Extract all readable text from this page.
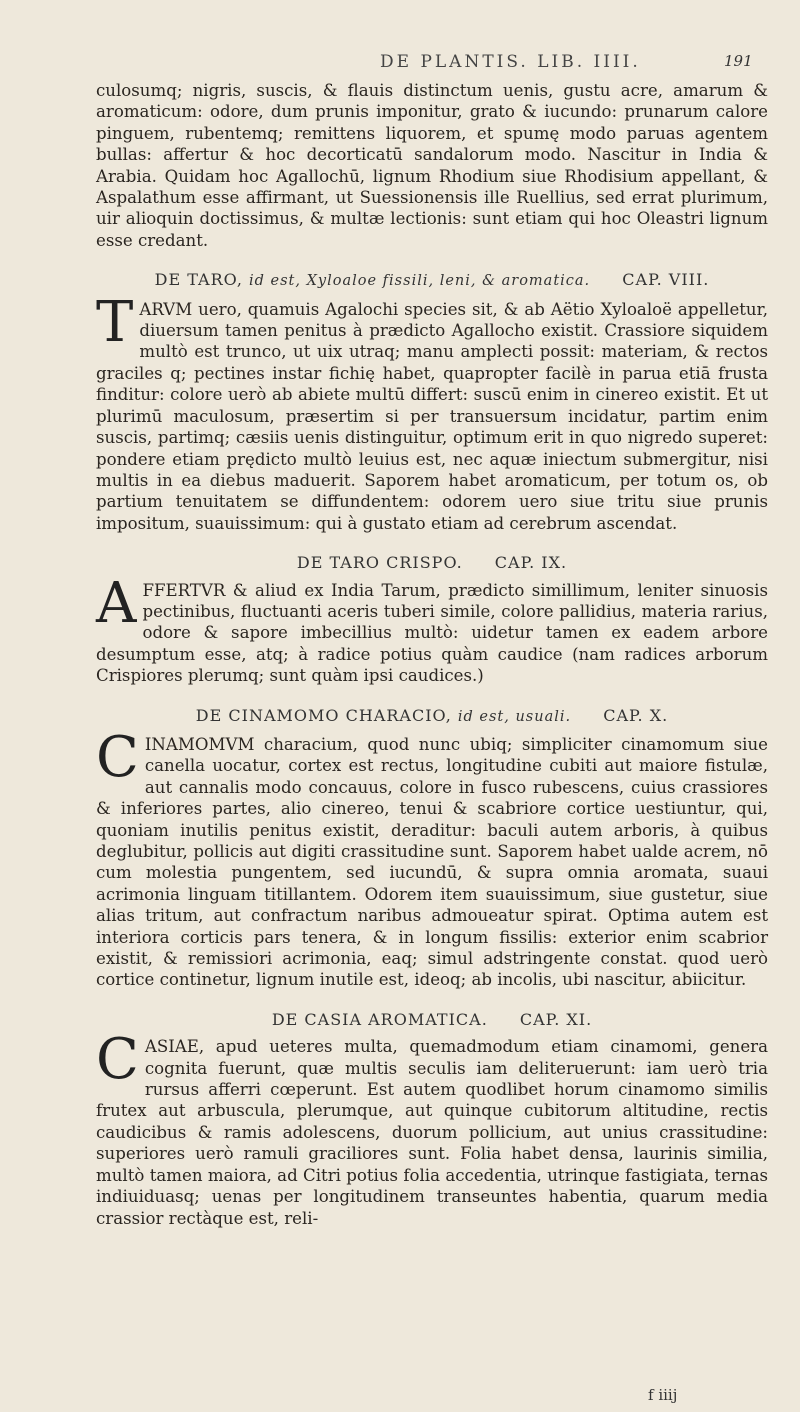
DE PLANTIS. LIB. IIII.	191

culosumq; nigris, suscis, & flauis distinctum uenis, gustu acre, amarum & aromaticum: odore, dum prunis imponitur, grato & iucundo: prunarum calore pinguem, rubentemq; remittens liquorem, et spumę modo paruas agentem bullas: affertur & hoc decorticatū sandalorum modo. Nascitur in India & Arabia. Quidam hoc Agallochū, lignum Rhodium siue Rhodisium appellant, & Aspalathum esse affirmant, ut Suessionensis ille Ruellius, sed errat plurimum, uir alioquin doctissimus, & multæ lectionis: sunt etiam qui hoc Oleastri lignum esse credant.

DE TARO, id est, Xyloaloe fissili, leni, & aromatica. CAP. VIII.

TARVM uero, quamuis Agalochi species sit, & ab Aëtio Xyloaloë appelletur, diuersum tamen penitus à prædicto Agallocho existit. Crassiore siquidem multò est trunco, ut uix utraq; manu amplecti possit: materiam, & rectos graciles q; pectines instar fichię habet, quapropter facilè in parua etiā frusta finditur: colore uerò ab abiete multū differt: suscū enim in cinereo existit. Et ut plurimū maculosum, præsertim si per transuersum incidatur, partim enim suscis, partimq; cæsiis uenis distinguitur, optimum erit in quo nigredo superet: pondere etiam prędicto multò leuius est, nec aquæ iniectum submergitur, nisi multis in ea diebus maduerit. Saporem habet aromaticum, per totum os, ob partium tenuitatem se diffundentem: odorem uero siue tritu siue prunis impositum, suauissimum: qui à gustato etiam ad cerebrum ascendat.

DE TARO CRISPO. CAP. IX.

AFFERTVR & aliud ex India Tarum, prædicto simillimum, leniter sinuosis pectinibus, fluctuanti aceris tuberi simile, colore pallidius, materia rarius, odore & sapore imbecillius multò: uidetur tamen ex eadem arbore desumptum esse, atq; à radice potius quàm caudice (nam radices arborum Crispiores plerumq; sunt quàm ipsi caudices.)

DE CINAMOMO CHARACIO, id est, usuali. CAP. X.

CINAMOMVM characium, quod nunc ubiq; simpliciter cinamomum siue canella uocatur, cortex est rectus, longitudine cubiti aut maiore fistulæ, aut cannalis modo concauus, colore in fusco rubescens, cuius crassiores & inferiores partes, alio cinereo, tenui & scabriore cortice uestiuntur, qui, quoniam inutilis penitus existit, deraditur: baculi autem arboris, à quibus deglubitur, pollicis aut digiti crassitudine sunt. Saporem habet ualde acrem, nō cum molestia pungentem, sed iucundū, & supra omnia aromata, suaui acrimonia linguam titillantem. Odorem item suauissimum, siue gustetur, siue alias tritum, aut confractum naribus admoueatur spirat. Optima autem est interiora corticis pars tenera, & in longum fissilis: exterior enim scabrior existit, & remissiori acrimonia, eaq; simul adstringente constat. quod uerò cortice continetur, lignum inutile est, ideoq; ab incolis, ubi nascitur, abiicitur.

DE CASIA AROMATICA. CAP. XI.

CASIAE, apud ueteres multa, quemadmodum etiam cinamomi, genera cognita fuerunt, quæ multis seculis iam deliteruerunt: iam uerò tria rursus afferri cœperunt. Est autem quodlibet horum cinamomo similis frutex aut arbuscula, plerumque, aut quinque cubitorum altitudine, rectis caudicibus & ramis adolescens, duorum pollicium, aut unius crassitudine: superiores uerò ramuli graciliores sunt. Folia habet densa, laurinis similia, multò tamen maiora, ad Citri potius folia accedentia, utrinque fastigiata, ternas indiuiduasq; uenas per longitudinem transeuntes habentia, quarum media crassior rectàque est, reli-

f iiij
